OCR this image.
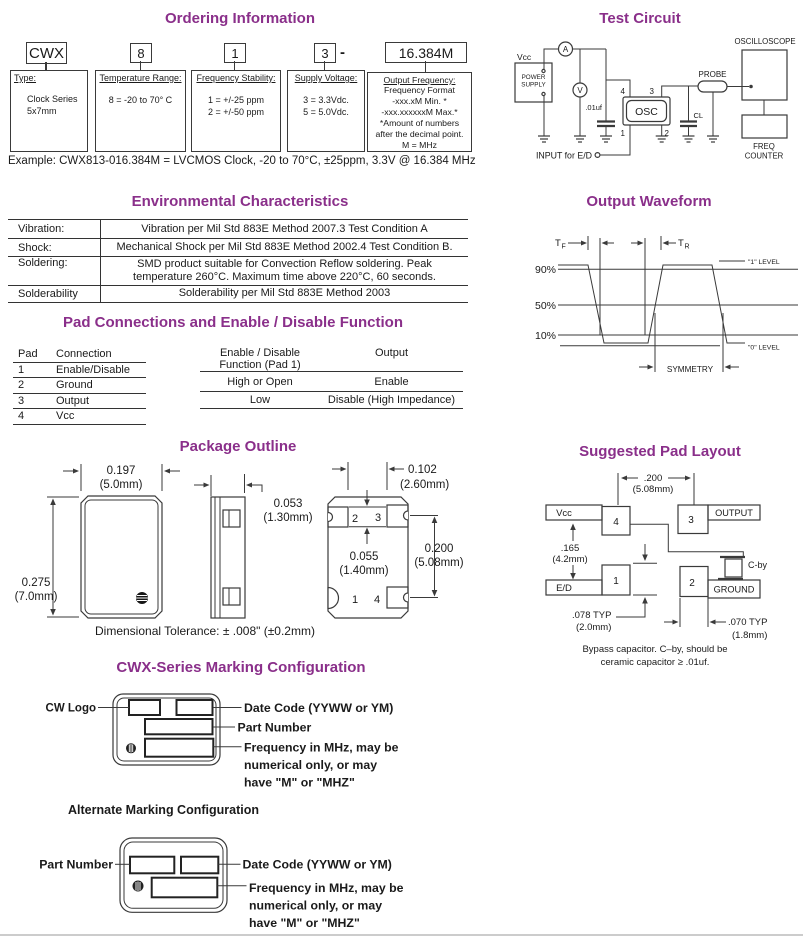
Ordering Information	Test Circuit
Environmental Characteristics	Output Waveform
Pad Connections and Enable / Disable Function
Package Outline	Suggested Pad Layout
CWX-Series Marking Configuration
Alternate Marking Configuration
CWX	8	1	3 -	16.384M
Type:
Clock Series
5x7mm
Temperature Range:
8 = -20 to 70° C
Frequency Stability:
1 = +/-25 ppm
2 = +/-50 ppm
Supply Voltage:
3 = 3.3Vdc.
5 = 5.0Vdc.
Output Frequency:
Frequency Format
-xxx.xM Min. *
-xxx.xxxxxxM Max.*
*Amount of numbers
after the decimal point.
M = MHz
Example: CWX813-016.384M = LVCMOS Clock, -20 to 70°C, ±25ppm, 3.3V @ 16.384 MHz
Vcc
POWER
SUPPLY
A
V
.01uf	OSC
4	3
1	2
CL
PROBE
OSCILLOSCOPE
FREQ
COUNTER
INPUT for E/D
Vibration:	Vibration per Mil Std 883E Method 2007.3 Test Condition A
Shock:	Mechanical Shock per Mil Std 883E Method 2002.4 Test Condition B.
Soldering:	SMD product suitable for Convection Reflow soldering. Peak
temperature 260°C. Maximum time above 220°C, 60 seconds.
Solderability	Solderability per Mil Std 883E Method 2003
90%
50%
10%
T F	T R
"1" LEVEL
"0" LEVEL
SYMMETRY
Pad	Connection
1	Enable/Disable
2	Ground
3	Output
4	Vcc
Enable / Disable
Function (Pad 1)
Output
High or Open	Enable
Low	Disable (High Impedance)
0.197
(5.0mm)
0.275
(7.0mm)
0.053
(1.30mm)	2 3
1 4
0.102
(2.60mm)
0.055
(1.40mm)
0.200
(5.08mm)
Dimensional Tolerance: ± .008" (±0.2mm)
.200
(5.08mm)
Vcc
4	3
OUTPUT
.165
(4.2mm)
1
E/D	2
GROUND
C-by
.078 TYP
(2.0mm)	.070 TYP
(1.8mm)
Bypass capacitor. C–by, should be
ceramic capacitor ≥ .01uf.
CW Logo	Date Code (YYWW or YM)
Part Number
Frequency in MHz, may be
numerical only, or may
have "M" or "MHZ"
Part Number	Date Code (YYWW or YM)
Frequency in MHz, may be
numerical only, or may
have "M" or "MHZ"
